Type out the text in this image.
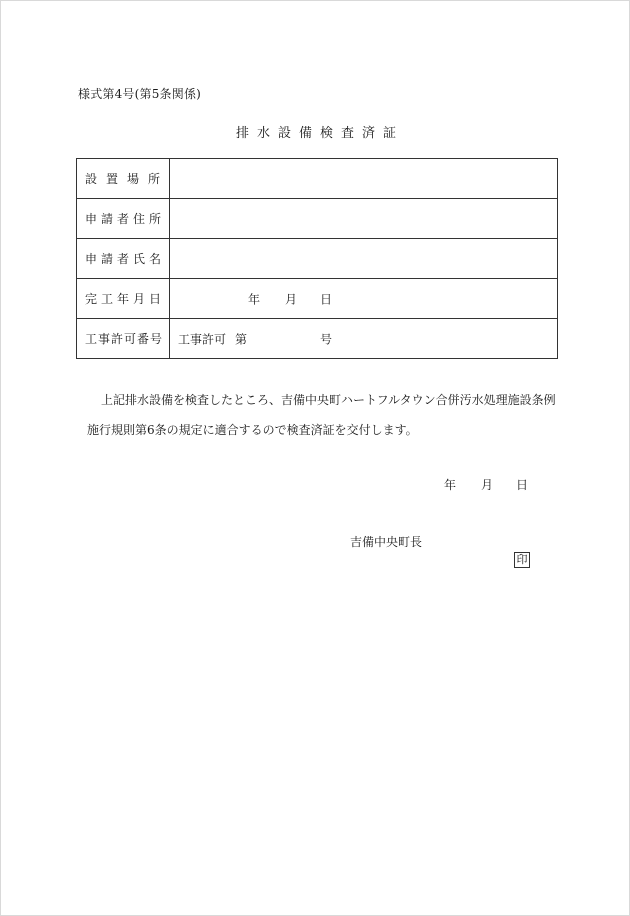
様式第4号(第5条関係)
排水設備検査済証
設置場所	
申請者住所	
申請者氏名	
完工年月日	年 月 日

工事許可番号	工事許可 第 号
上記排水設備を検査したところ、吉備中央町ハートフルタウン合併汚水処理施設条例
施行規則第6条の規定に適合するので検査済証を交付します。
年 月 日
吉備中央町長
印
